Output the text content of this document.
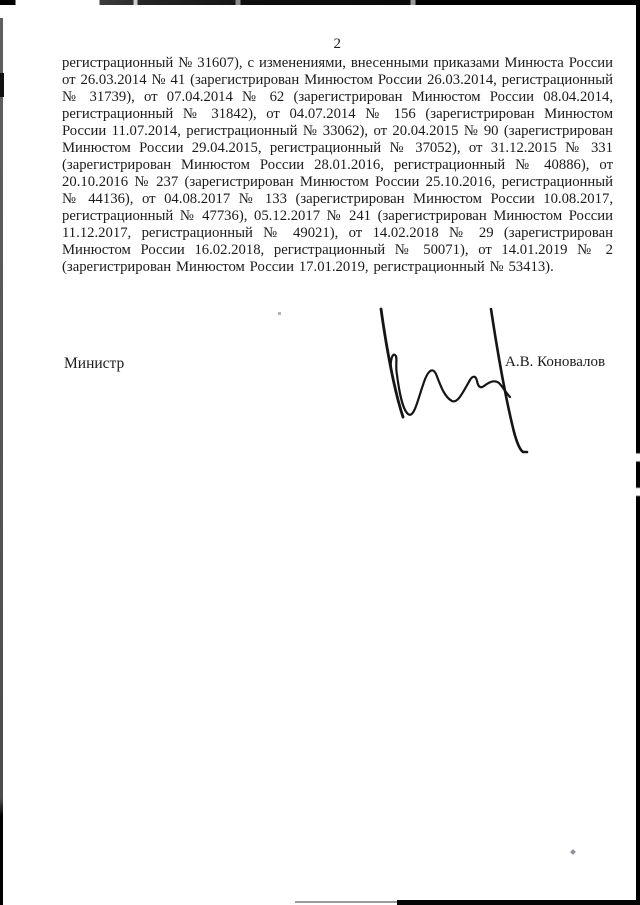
2
регистрационный № 31607), с изменениями, внесенными приказами Минюста России от 26.03.2014 № 41 (зарегистрирован Минюстом России 26.03.2014, регистрационный № 31739), от 07.04.2014 № 62 (зарегистрирован Минюстом России 08.04.2014, регистрационный № 31842), от 04.07.2014 № 156 (зарегистрирован Минюстом России 11.07.2014, регистрационный № 33062), от 20.04.2015 № 90 (зарегистрирован Минюстом России 29.04.2015, регистрационный № 37052), от 31.12.2015 № 331 (зарегистрирован Минюстом России 28.01.2016, регистрационный № 40886), от 20.10.2016 № 237 (зарегистрирован Минюстом России 25.10.2016, регистрационный № 44136), от 04.08.2017 № 133 (зарегистрирован Минюстом России 10.08.2017, регистрационный № 47736), 05.12.2017 № 241 (зарегистрирован Минюстом России 11.12.2017, регистрационный № 49021), от 14.02.2018 № 29 (зарегистрирован Минюстом России 16.02.2018, регистрационный № 50071), от 14.01.2019 № 2 (зарегистрирован Минюстом России 17.01.2019, регистрационный № 53413).
Министр	А.В. Коновалов
